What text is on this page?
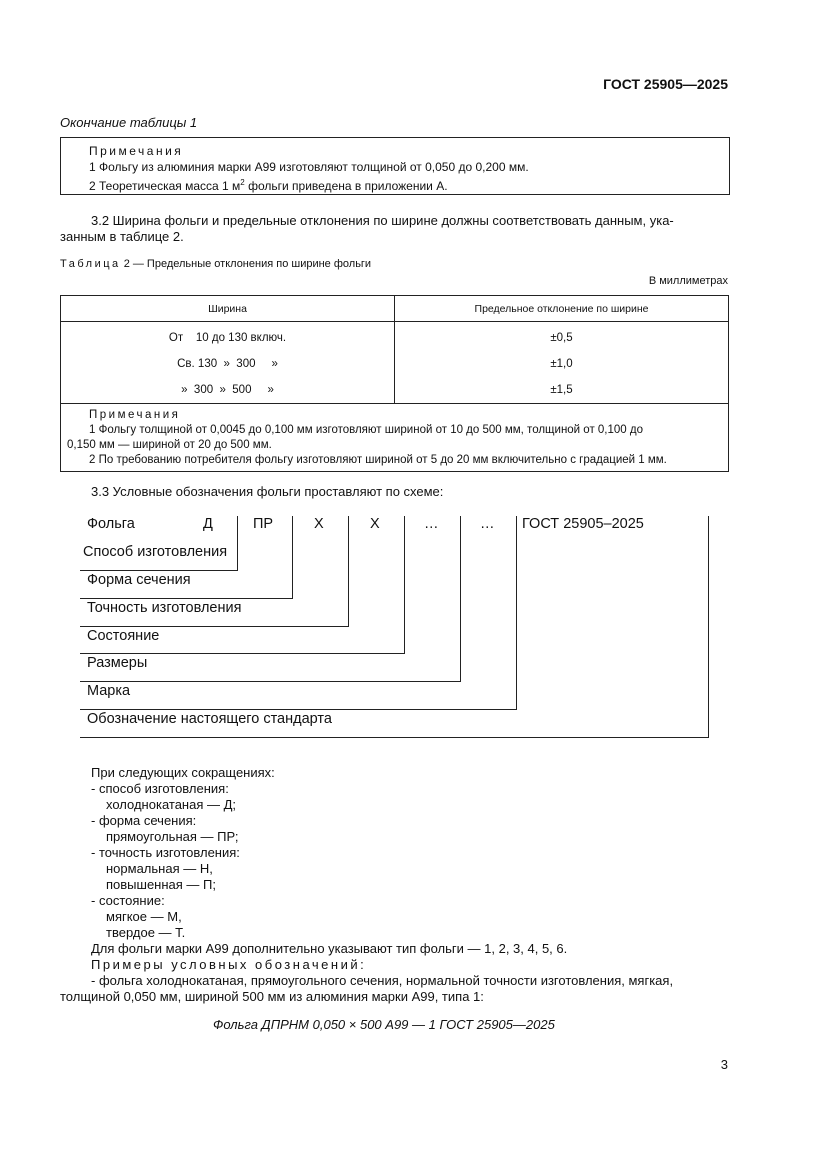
ГОСТ 25905—2025
Окончание таблицы 1
Примечания
1 Фольгу из алюминия марки А99 изготовляют толщиной от 0,050 до 0,200 мм.
2 Теоретическая масса 1 $м^2$ фольги приведена в приложении А.
3.2 Ширина фольги и предельные отклонения по ширине должны соответствовать данным, ука-
занным в таблице 2.
Таблица 2 — Предельные отклонения по ширине фольги
В миллиметрах
Ширина	Предельное отклонение по ширине
От    10 до 130 включ.	±0,5
Св. 130  »  300     »	±1,0
»  300  »  500     »	±1,5

Примечания
1 Фольгу толщиной от 0,0045 до 0,100 мм изготовляют шириной от 10 до 500 мм, толщиной от 0,100 до
0,150 мм — шириной от 20 до 500 мм.
2 По требованию потребителя фольгу изготовляют шириной от 5 до 20 мм включительно с градацией 1 мм.	
3.3 Условные обозначения фольги проставляют по схеме:
Фольга	Д	ПР	Х	Х	…	… ГОСТ 25905–2025
Способ изготовления
Форма сечения
Точность изготовления
Состояние
Размеры
Марка
Обозначение настоящего стандарта
При следующих сокращениях:
- способ изготовления:
холоднокатаная — Д;
- форма сечения:
прямоугольная — ПР;
- точность изготовления:
нормальная — Н,
повышенная — П;
- состояние:
мягкое — М,
твердое — Т.
Для фольги марки А99 дополнительно указывают тип фольги — 1, 2, 3, 4, 5, 6.
Примеры условных обозначений:
- фольга холоднокатаная, прямоугольного сечения, нормальной точности изготовления, мягкая,
толщиной 0,050 мм, шириной 500 мм из алюминия марки А99, типа 1:
Фольга ДПРНМ 0,050 × 500 А99 — 1 ГОСТ 25905—2025
3
